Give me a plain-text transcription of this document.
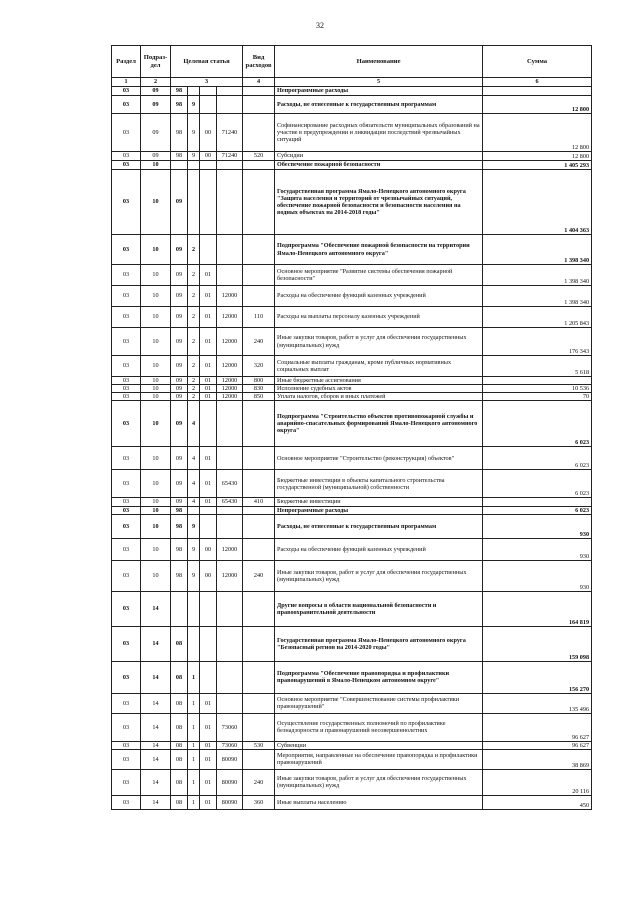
32
Раздел	Подраз-дел	Целевая статья				Вид расходов	Наименование	Сумма
1	2	3				4	5	6
03	09	98					Непрограммные расходы	
03	09	98	9				Расходы, не отнесенные к государственным программам	12 800
03	09	98	9	00	71240		Софинансирование расходных обязательств муниципальных образований на участие в предупреждении и ликвидации последствий чрезвычайных ситуаций	12 800
03	09	98	9	00	71240	520	Субсидии	12 800
03	10						Обеспечение пожарной безопасности	1 405 293
03	10	09					Государственная программа Ямало-Ненецкого автономного округа "Защита населения и территорий от чрезвычайных ситуаций, обеспечение пожарной безопасности и безопасности населения на водных объектах на 2014-2018 годы"	1 404 363
03	10	09	2				Подпрограмма "Обеспечение пожарной безопасности на территории Ямало-Ненецкого автономного округа"	1 398 340
03	10	09	2	01			Основное мероприятие "Развитие системы обеспечения пожарной безопасности"	1 398 340
03	10	09	2	01	12000		Расходы на обеспечение функций казенных учреждений	1 398 340
03	10	09	2	01	12000	110	Расходы на выплаты персоналу казенных учреждений	1 205 843
03	10	09	2	01	12000	240	Иные закупки товаров, работ и услуг для обеспечения государственных (муниципальных) нужд	176 343
03	10	09	2	01	12000	320	Социальные выплаты гражданам, кроме публичных нормативных социальных выплат	5 618
03	10	09	2	01	12000	800	Иные бюджетные ассигнования	
03	10	09	2	01	12000	830	Исполнение судебных актов	10 536
03	10	09	2	01	12000	850	Уплата налогов, сборов и иных платежей	70
03	10	09	4				Подпрограмма "Строительство объектов противопожарной службы и аварийно-спасательных формирований Ямало-Ненецкого автономного округа"	6 023
03	10	09	4	01			Основное мероприятие "Строительство (реконструкция) объектов"	6 023
03	10	09	4	01	65430		Бюджетные инвестиции в объекты капитального строительства государственной (муниципальной) собственности	6 023
03	10	09	4	01	65430	410	Бюджетные инвестиции	
03	10	98					Непрограммные расходы	6 023
03	10	98	9				Расходы, не отнесенные к государственным программам	930
03	10	98	9	00	12000		Расходы на обеспечение функций казенных учреждений	930
03	10	98	9	00	12000	240	Иные закупки товаров, работ и услуг для обеспечения государственных (муниципальных) нужд	930
03	14						Другие вопросы в области национальной безопасности и правоохранительной деятельности	164 819
03	14	08					Государственная программа Ямало-Ненецкого автономного округа "Безопасный регион на 2014-2020 годы"	159 098
03	14	08	1				Подпрограмма "Обеспечение правопорядка и профилактики правонарушений в Ямало-Ненецком автономном округе"	156 270
03	14	08	1	01			Основное мероприятие "Совершенствование системы профилактики правонарушений"	135 496
03	14	08	1	01	73060		Осуществление государственных полномочий по профилактике безнадзорности и правонарушений несовершеннолетних	96 627
03	14	08	1	01	73060	530	Субвенции	96 627
03	14	08	1	01	80090		Мероприятия, направленные на обеспечение правопорядка и профилактики правонарушений	38 869
03	14	08	1	01	80090	240	Иные закупки товаров, работ и услуг для обеспечения государственных (муниципальных) нужд	20 116
03	14	08	1	01	80090	360	Иные выплаты населению	450
